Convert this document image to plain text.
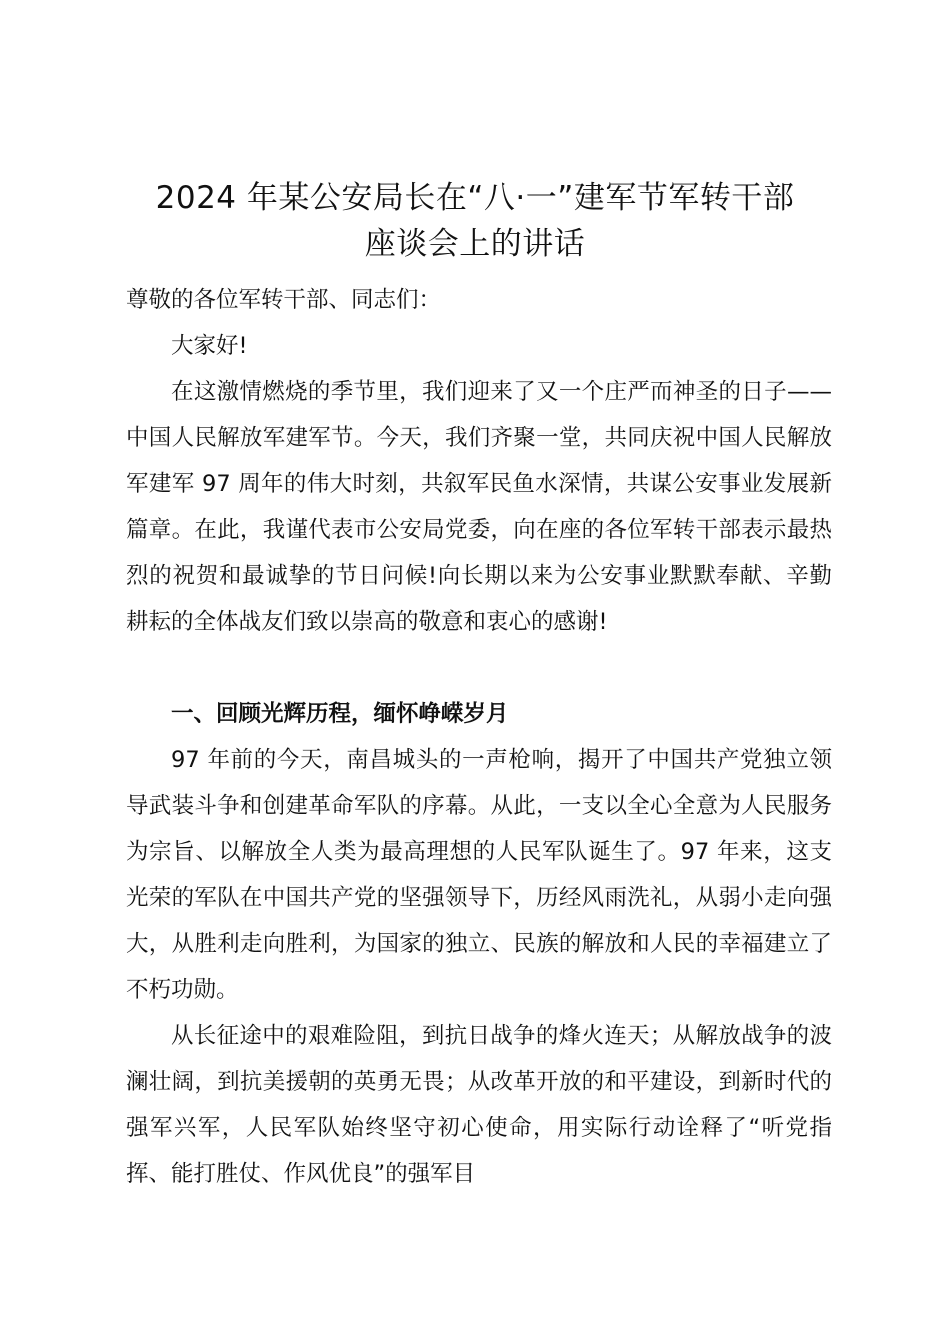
2024 年某公安局长在“八·一”建军节军转干部
座谈会上的讲话

尊敬的各位军转干部、同志们：

大家好!

在这激情燃烧的季节里，我们迎来了又一个庄严而神圣的日子——中国人民解放军建军节。今天，我们齐聚一堂，共同庆祝中国人民解放军建军 97 周年的伟大时刻，共叙军民鱼水深情，共谋公安事业发展新篇章。在此，我谨代表市公安局党委，向在座的各位军转干部表示最热烈的祝贺和最诚挚的节日问候!向长期以来为公安事业默默奉献、辛勤耕耘的全体战友们致以崇高的敬意和衷心的感谢!

一、回顾光辉历程，缅怀峥嵘岁月

97 年前的今天，南昌城头的一声枪响，揭开了中国共产党独立领导武装斗争和创建革命军队的序幕。从此，一支以全心全意为人民服务为宗旨、以解放全人类为最高理想的人民军队诞生了。97 年来，这支光荣的军队在中国共产党的坚强领导下，历经风雨洗礼，从弱小走向强大，从胜利走向胜利，为国家的独立、民族的解放和人民的幸福建立了不朽功勋。

从长征途中的艰难险阻，到抗日战争的烽火连天；从解放战争的波澜壮阔，到抗美援朝的英勇无畏；从改革开放的和平建设，到新时代的强军兴军，人民军队始终坚守初心使命，用实际行动诠释了“听党指挥、能打胜仗、作风优良”的强军目
